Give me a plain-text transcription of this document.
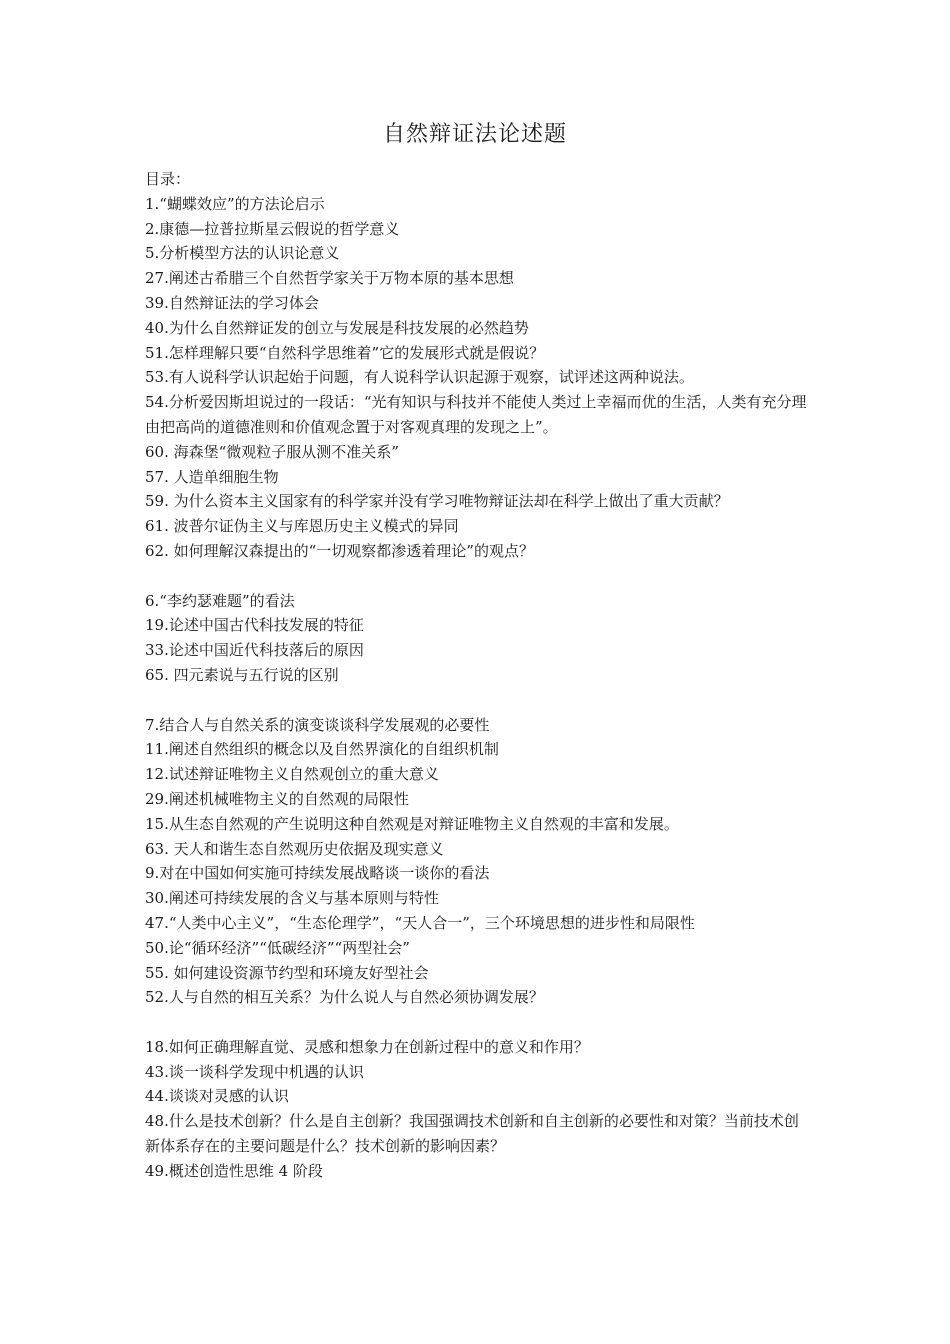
自然辩证法论述题
目录：
1.“蝴蝶效应”的方法论启示
2.康德—拉普拉斯星云假说的哲学意义
5.分析模型方法的认识论意义
27.阐述古希腊三个自然哲学家关于万物本原的基本思想
39.自然辩证法的学习体会
40.为什么自然辩证发的创立与发展是科技发展的必然趋势
51.怎样理解只要“自然科学思维着”它的发展形式就是假说？
53.有人说科学认识起始于问题，有人说科学认识起源于观察，试评述这两种说法。
54.分析爱因斯坦说过的一段话：“光有知识与科技并不能使人类过上幸福而优的生活，人类有充分理由把高尚的道德准则和价值观念置于对客观真理的发现之上”。
60. 海森堡“微观粒子服从测不准关系”
57. 人造单细胞生物
59. 为什么资本主义国家有的科学家并没有学习唯物辩证法却在科学上做出了重大贡献？
61. 波普尔证伪主义与库恩历史主义模式的异同
62. 如何理解汉森提出的“一切观察都渗透着理论”的观点？
6.“李约瑟难题”的看法
19.论述中国古代科技发展的特征
33.论述中国近代科技落后的原因
65. 四元素说与五行说的区别
7.结合人与自然关系的演变谈谈科学发展观的必要性
11.阐述自然组织的概念以及自然界演化的自组织机制
12.试述辩证唯物主义自然观创立的重大意义
29.阐述机械唯物主义的自然观的局限性
15.从生态自然观的产生说明这种自然观是对辩证唯物主义自然观的丰富和发展。
63. 天人和谐生态自然观历史依据及现实意义
9.对在中国如何实施可持续发展战略谈一谈你的看法
30.阐述可持续发展的含义与基本原则与特性
47.“人类中心主义”，“生态伦理学”，“天人合一”，三个环境思想的进步性和局限性
50.论“循环经济”“低碳经济”“两型社会”
55. 如何建设资源节约型和环境友好型社会
52.人与自然的相互关系？为什么说人与自然必须协调发展？
18.如何正确理解直觉、灵感和想象力在创新过程中的意义和作用？
43.谈一谈科学发现中机遇的认识
44.谈谈对灵感的认识
48.什么是技术创新？什么是自主创新？我国强调技术创新和自主创新的必要性和对策？当前技术创新体系存在的主要问题是什么？技术创新的影响因素？
49.概述创造性思维 4 阶段
